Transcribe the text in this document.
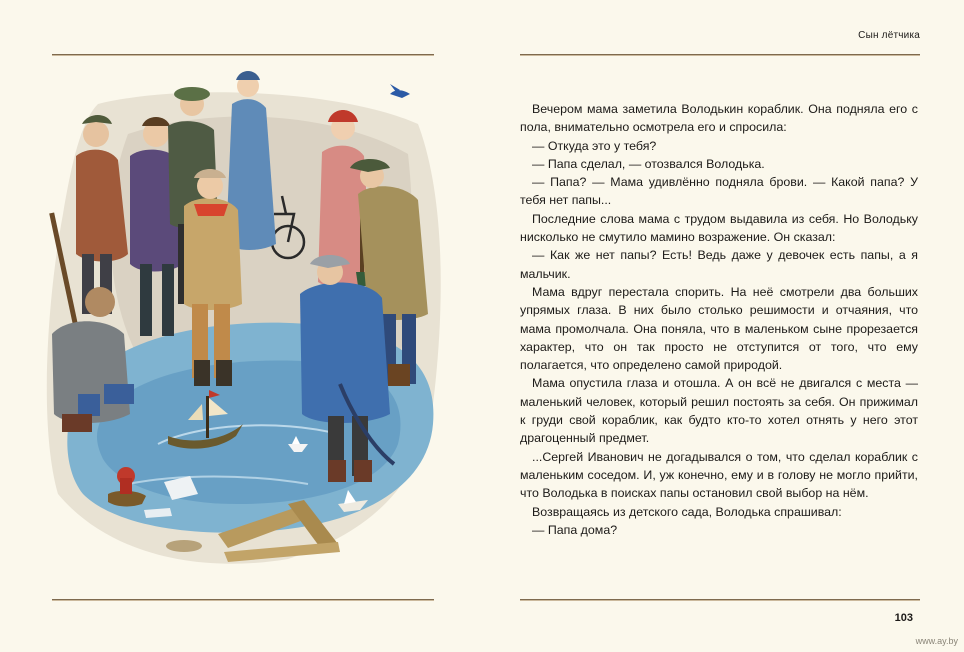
Сын лётчика

Вечером мама заметила Володькин кораблик. Она подняла его с пола, внимательно осмотрела его и спросила:

— Откуда это у тебя?

— Папа сделал, — отозвался Володька.

— Папа? — Мама удивлённо подняла брови. — Какой папа? У тебя нет папы...

Последние слова мама с трудом выдавила из себя. Но Володьку нисколько не смутило мамино возражение. Он сказал:

— Как же нет папы? Есть! Ведь даже у девочек есть папы, а я мальчик.

Мама вдруг перестала спорить. На неё смотрели два больших упрямых глаза. В них было столько решимости и отчаяния, что мама промолчала. Она поняла, что в маленьком сыне прорезается характер, что он так просто не отступится от того, что ему полагается, что определено самой природой.

Мама опустила глаза и отошла. А он всё не двигался с места — маленький человек, который решил постоять за себя. Он прижимал к груди свой кораблик, как будто кто-то хотел отнять у него этот драгоценный предмет.

...Сергей Иванович не догадывался о том, что сделал кораблик с маленьким соседом. И, уж конечно, ему и в голову не могло прийти, что Володька в поисках папы остановил свой выбор на нём.

Возвращаясь из детского сада, Володька спрашивал:

— Папа дома?

103
www.ay.by
